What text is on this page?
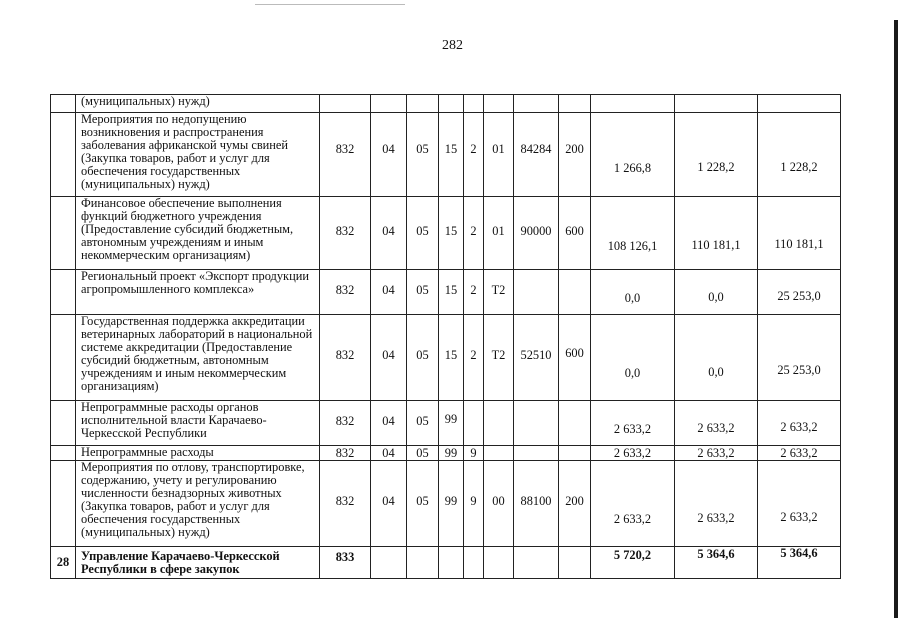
282
	(муниципальных) нужд)											
	Мероприятия по недопущению возникновения и распространения заболевания африканской чумы свиней (Закупка товаров, работ и услуг для обеспечения государственных (муниципальных) нужд)	832	04	05	15	2	01	84284	200	1 266,8	1 228,2	1 228,2
	Финансовое обеспечение выполнения функций бюджетного учреждения (Предоставление субсидий бюджетным, автономным учреждениям и иным некоммерческим организациям)	832	04	05	15	2	01	90000	600	108 126,1	110 181,1	110 181,1
	Региональный проект «Экспорт продукции агропромышленного комплекса»	832	04	05	15	2	T2			0,0	0,0	25 253,0
	Государственная поддержка аккредитации ветеринарных лабораторий в национальной системе аккредитации (Предоставление субсидий бюджетным, автономным учреждениям и иным некоммерческим организациям)	832	04	05	15	2	T2	52510	600	0,0	0,0	25 253,0
	Непрограммные расходы органов исполнительной власти Карачаево-Черкесской Республики	832	04	05	99					2 633,2	2 633,2	2 633,2
	Непрограммные расходы	832	04	05	99	9				2 633,2	2 633,2	2 633,2
	Мероприятия по отлову, транспортировке, содержанию, учету и регулированию численности безнадзорных животных (Закупка товаров, работ и услуг для обеспечения государственных (муниципальных) нужд)	832	04	05	99	9	00	88100	200	2 633,2	2 633,2	2 633,2
28	Управление Карачаево-Черкесской Республики в сфере закупок	833								5 720,2	5 364,6	5 364,6
